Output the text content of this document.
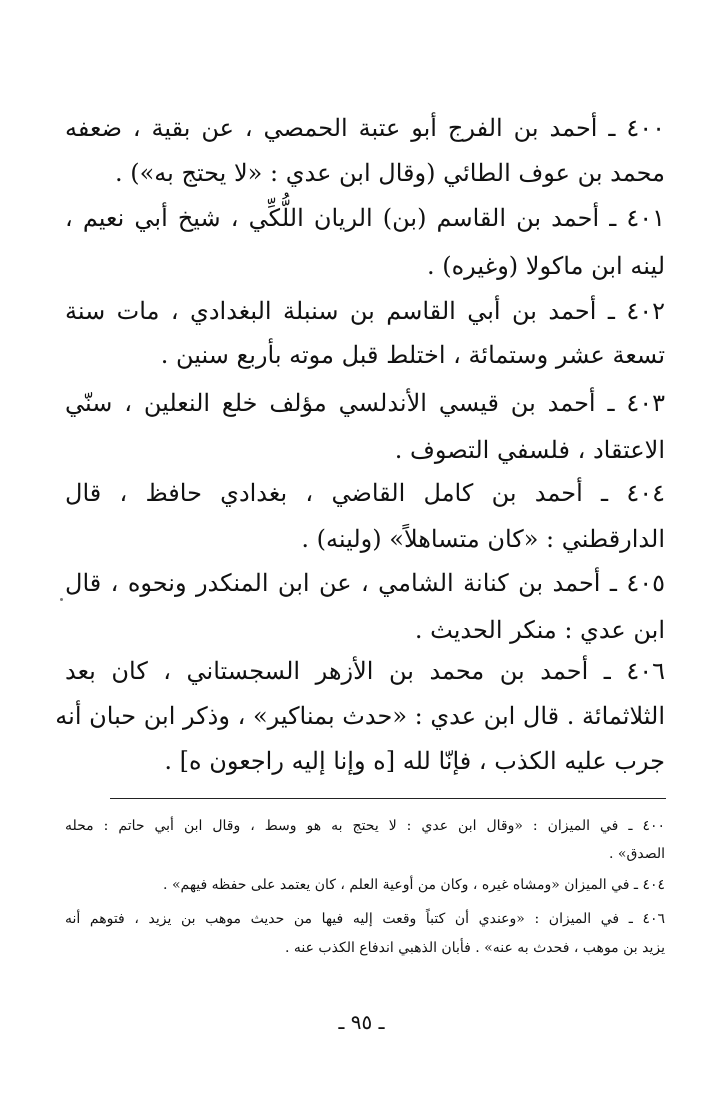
٤٠٠ ـ أحمد بن الفرج أبو عتبة الحمصي ، عن بقية ، ضعفه
محمد بن عوف الطائي (وقال ابن عدي : «لا يحتج به») .
٤٠١ ـ أحمد بن القاسم (بن) الريان اللُّكِّي ، شيخ أبي نعيم ،
لينه ابن ماكولا (وغيره) .
٤٠٢ ـ أحمد بن أبي القاسم بن سنبلة البغدادي ، مات سنة
تسعة عشر وستمائة ، اختلط قبل موته بأربع سنين .
٤٠٣ ـ أحمد بن قيسي الأندلسي مؤلف خلع النعلين ، سنّي
الاعتقاد ، فلسفي التصوف .
٤٠٤ ـ أحمد بن كامل القاضي ، بغدادي حافظ ، قال
الدارقطني : «كان متساهلاً» (ولينه) .
٤٠٥ ـ أحمد بن كنانة الشامي ، عن ابن المنكدر ونحوه ، قال
ابن عدي : منكر الحديث .
٤٠٦ ـ أحمد بن محمد بن الأزهر السجستاني ، كان بعد
الثلاثمائة . قال ابن عدي : «حدث بمناكير» ، وذكر ابن حبان أنه
جرب عليه الكذب ، فإنّا لله [ه وإنا إليه راجعون ه] .
٤٠٠ ـ في الميزان : «وقال ابن عدي : لا يحتج به هو وسط ، وقال ابن أبي حاتم : محله
الصدق» .
٤٠٤ ـ في الميزان «ومشاه غيره ، وكان من أوعية العلم ، كان يعتمد على حفظه فيهم» .
٤٠٦ ـ في الميزان : «وعندي أن كتباً وقعت إليه فيها من حديث موهب بن يزيد ، فتوهم أنه
يزيد بن موهب ، فحدث به عنه» . فأبان الذهبي اندفاع الكذب عنه .
ـ ٩٥ ـ
